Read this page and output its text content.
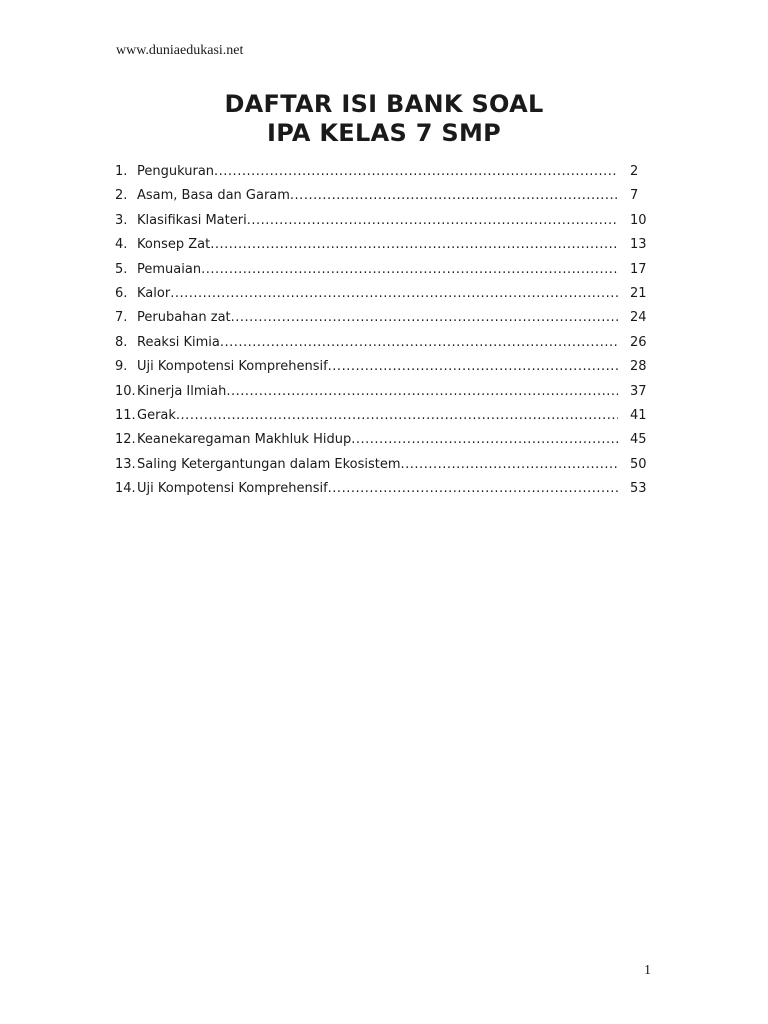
www.duniaedukasi.net
DAFTAR ISI BANK SOAL
IPA KELAS 7 SMP
1. Pengukuran .....	2
2. Asam, Basa dan Garam .....	7
3. Klasifikasi Materi .....	10
4. Konsep Zat .....	13
5. Pemuaian .....	17
6. Kalor .....	21
7. Perubahan zat .....	24
8. Reaksi Kimia .....	26
9. Uji Kompotensi Komprehensif .....	28
10. Kinerja Ilmiah .....	37
11. Gerak .....	41
12. Keanekaregaman Makhluk Hidup .....	45
13. Saling Ketergantungan dalam Ekosistem .....	50
14. Uji Kompotensi Komprehensif .....	53
1
